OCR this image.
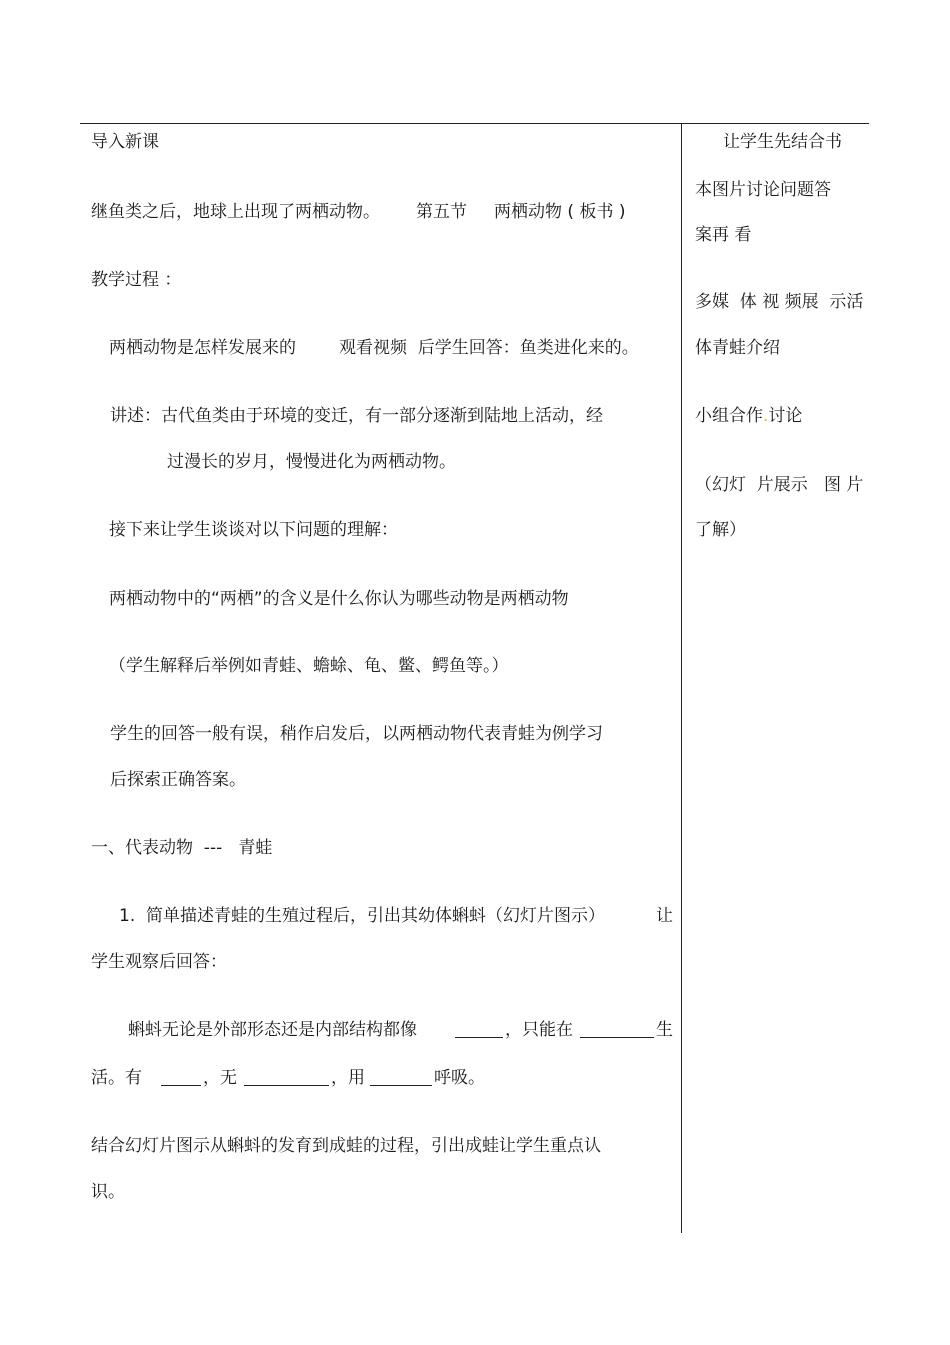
导入新课
继鱼类之后，地球上出现了两栖动物。 第五节 两栖动物 ( 板书 )
教学过程 ：
两栖动物是怎样发展来的	观看视频  后学生回答：鱼类进化来的。
讲述：古代鱼类由于环境的变迁，有一部分逐渐到陆地上活动，经
过漫长的岁月，慢慢进化为两栖动物。
接下来让学生谈谈对以下问题的理解：
两栖动物中的“两栖”的含义是什么你认为哪些动物是两栖动物
（学生解释后举例如青蛙、蟾蜍、龟、鳖、鳄鱼等。）
学生的回答一般有误，稍作启发后，以两栖动物代表青蛙为例学习
后探索正确答案。
一、代表动物  ---   青蛙
1.  简单描述青蛙的生殖过程后，引出其幼体蝌蚪（幻灯片图示）	让
学生观察后回答：
蝌蚪无论是外部形态还是内部结构都像	，只能在	生
活。有	，无	，用	呼吸。
结合幻灯片图示从蝌蚪的发育到成蛙的过程，引出成蛙让学生重点认
识。
让学生先结合书
本图片讨论问题答
案再 看
多媒  体 视 频展  示活
体青蛙介绍
小组合作.讨论
（幻灯  片展示   图 片
了解）
